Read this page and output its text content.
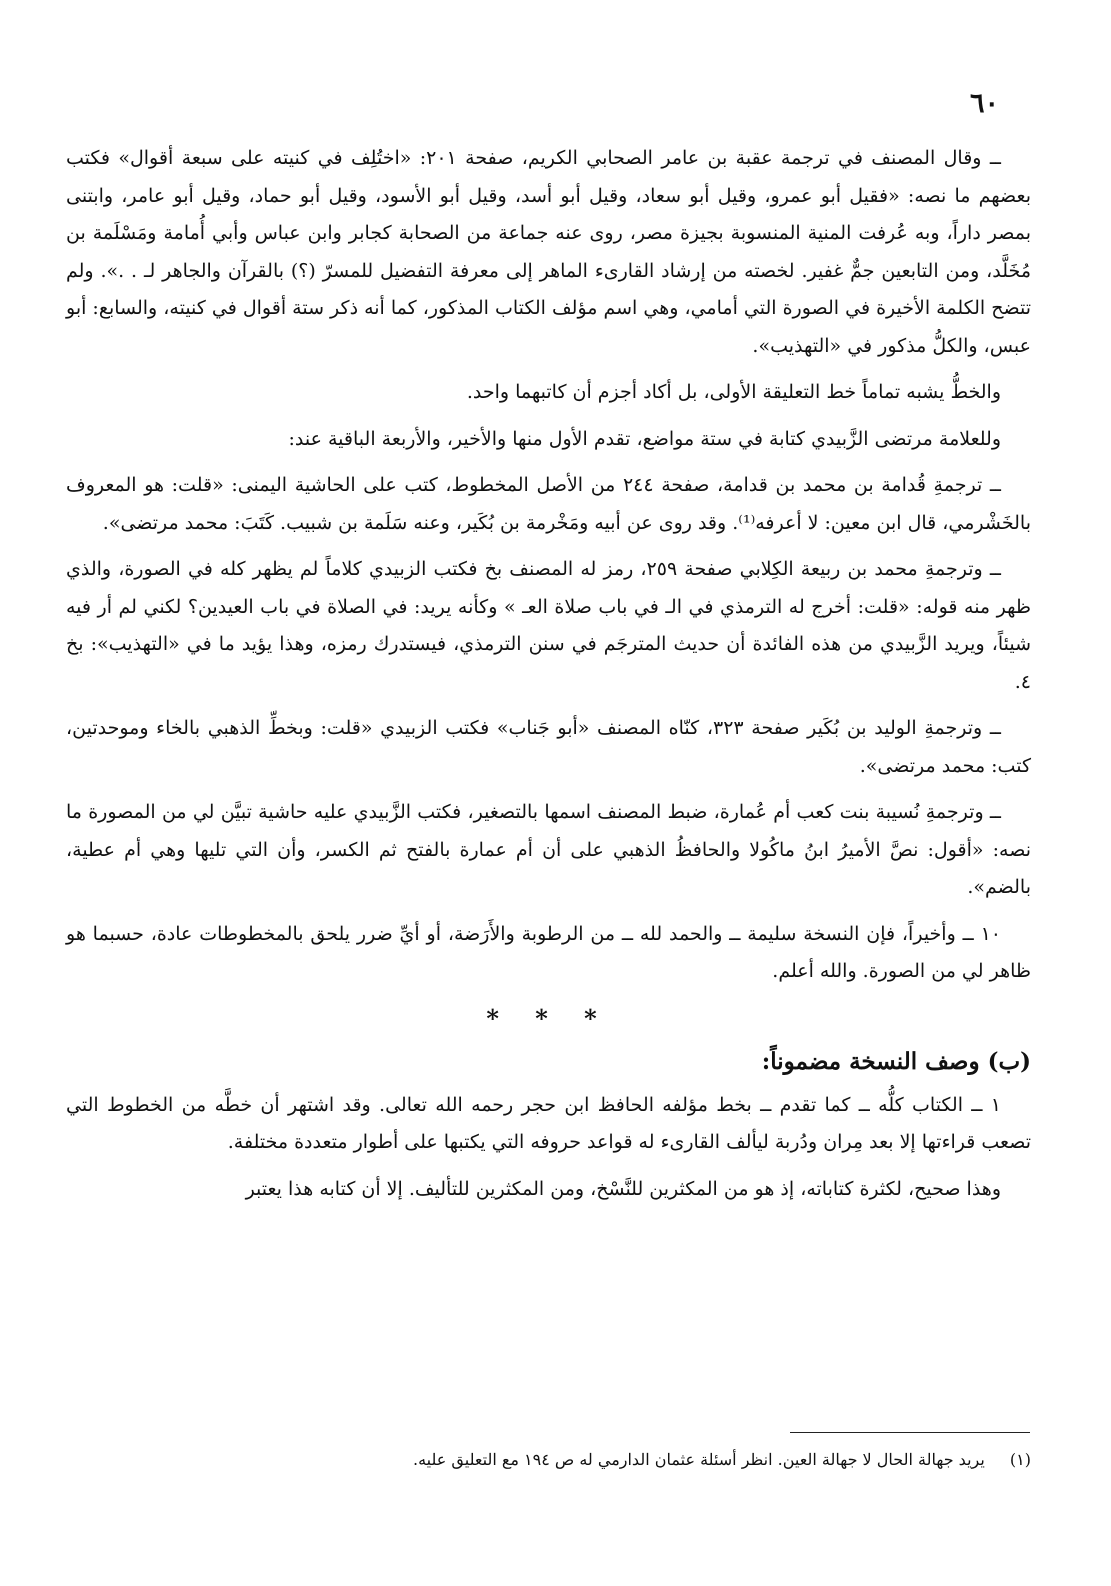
٦٠

ــ وقال المصنف في ترجمة عقبة بن عامر الصحابي الكريم، صفحة ٢٠١: «اختُلِف في كنيته على سبعة أقوال» فكتب بعضهم ما نصه: «فقيل أبو عمرو، وقيل أبو سعاد، وقيل أبو أسد، وقيل أبو الأسود، وقيل أبو حماد، وقيل أبو عامر، وابتنى بمصر داراً، وبه عُرفت المنية المنسوبة بجيزة مصر، روى عنه جماعة من الصحابة كجابر وابن عباس وأبي أُمامة ومَسْلَمة بن مُخَلَّد، ومن التابعين جمٌّ غفير. لخصته من إرشاد القارىء الماهر إلى معرفة التفضيل للمسرّ (؟) بالقرآن والجاهر لـ . .». ولم تتضح الكلمة الأخيرة في الصورة التي أمامي، وهي اسم مؤلف الكتاب المذكور، كما أنه ذكر ستة أقوال في كنيته، والسابع: أبو عبس، والكلُّ مذكور في «التهذيب».

والخطُّ يشبه تماماً خط التعليقة الأولى، بل أكاد أجزم أن كاتبهما واحد.

وللعلامة مرتضى الزَّبيدي كتابة في ستة مواضع، تقدم الأول منها والأخير، والأربعة الباقية عند:

ــ ترجمةِ قُدامة بن محمد بن قدامة، صفحة ٢٤٤ من الأصل المخطوط، كتب على الحاشية اليمنى: «قلت: هو المعروف بالخَشْرمي، قال ابن معين: لا أعرفه⁽¹⁾. وقد روى عن أبيه ومَخْرمة بن بُكَير، وعنه سَلَمة بن شبيب. كَتَبَ: محمد مرتضى».

ــ وترجمةِ محمد بن ربيعة الكِلابي صفحة ٢٥٩، رمز له المصنف بخ فكتب الزبيدي كلاماً لم يظهر كله في الصورة، والذي ظهر منه قوله: «قلت: أخرج له الترمذي في الـ في باب صلاة العـ » وكأنه يريد: في الصلاة في باب العيدين؟ لكني لم أر فيه شيئاً، ويريد الزَّبيدي من هذه الفائدة أن حديث المترجَم في سنن الترمذي، فيستدرك رمزه، وهذا يؤيد ما في «التهذيب»: بخ ٤.

ــ وترجمةِ الوليد بن بُكَير صفحة ٣٢٣، كنّاه المصنف «أبو جَناب» فكتب الزبيدي «قلت: وبخطِّ الذهبي بالخاء وموحدتين، كتب: محمد مرتضى».

ــ وترجمةِ نُسيبة بنت كعب أم عُمارة، ضبط المصنف اسمها بالتصغير، فكتب الزَّبيدي عليه حاشية تبيَّن لي من المصورة ما نصه: «أقول: نصَّ الأميرُ ابنُ ماكُولا والحافظُ الذهبي على أن أم عمارة بالفتح ثم الكسر، وأن التي تليها وهي أم عطية، بالضم».

١٠ ــ وأخيراً، فإن النسخة سليمة ــ والحمد لله ــ من الرطوبة والأَرَضة، أو أيِّ ضرر يلحق بالمخطوطات عادة، حسبما هو ظاهر لي من الصورة. والله أعلم.

* * *
(ب) وصف النسخة مضموناً:

١ ــ الكتاب كلُّه ــ كما تقدم ــ بخط مؤلفه الحافظ ابن حجر رحمه الله تعالى. وقد اشتهر أن خطَّه من الخطوط التي تصعب قراءتها إلا بعد مِران ودُربة ليألف القارىء له قواعد حروفه التي يكتبها على أطوار متعددة مختلفة.

وهذا صحيح، لكثرة كتاباته، إذ هو من المكثرين للنَّسْخ، ومن المكثرين للتأليف. إلا أن كتابه هذا يعتبر

(١) يريد جهالة الحال لا جهالة العين. انظر أسئلة عثمان الدارمي له ص ١٩٤ مع التعليق عليه.
